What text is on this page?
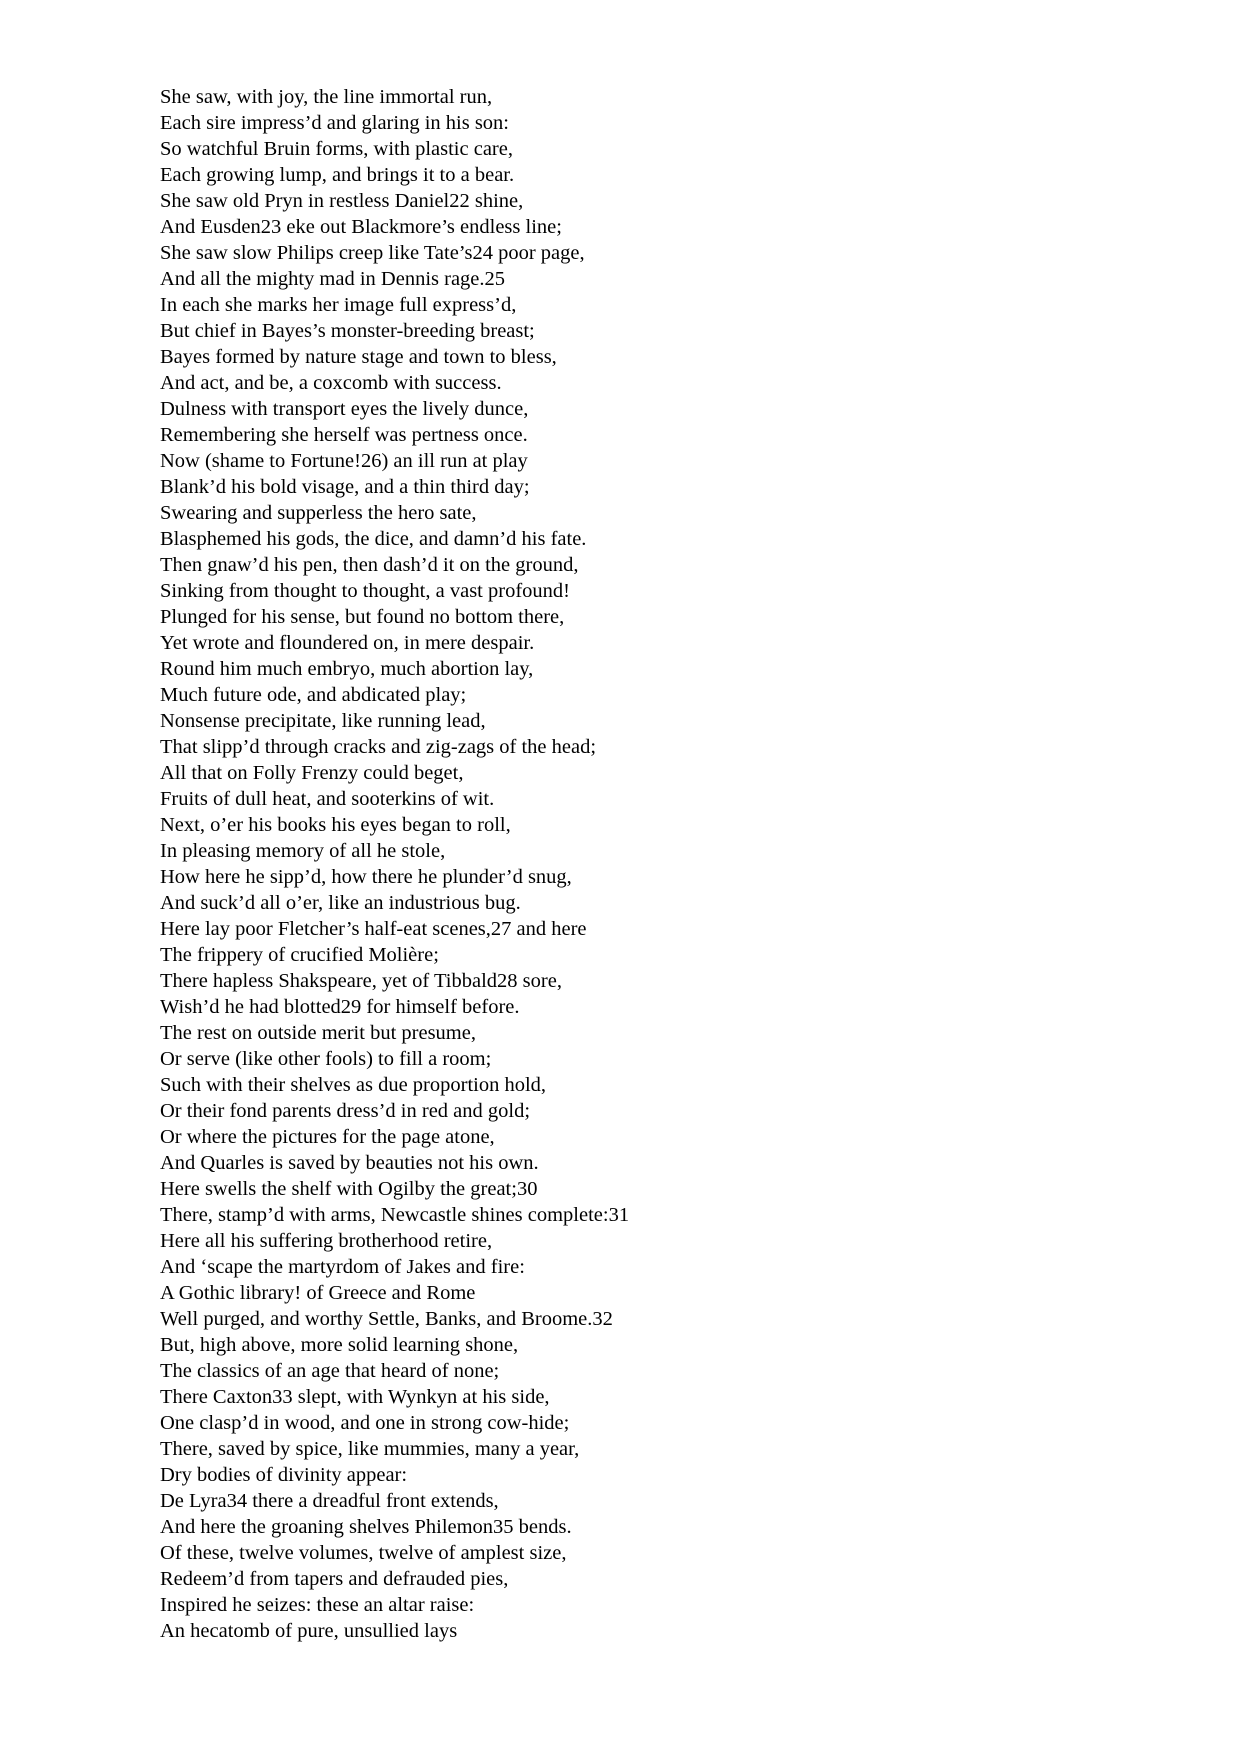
She saw, with joy, the line immortal run,
Each sire impress’d and glaring in his son:
So watchful Bruin forms, with plastic care,
Each growing lump, and brings it to a bear.
She saw old Pryn in restless Daniel22 shine,
And Eusden23 eke out Blackmore’s endless line;
She saw slow Philips creep like Tate’s24 poor page,
And all the mighty mad in Dennis rage.25
In each she marks her image full express’d,
But chief in Bayes’s monster-breeding breast;
Bayes formed by nature stage and town to bless,
And act, and be, a coxcomb with success.
Dulness with transport eyes the lively dunce,
Remembering she herself was pertness once.
Now (shame to Fortune!26) an ill run at play
Blank’d his bold visage, and a thin third day;
Swearing and supperless the hero sate,
Blasphemed his gods, the dice, and damn’d his fate.
Then gnaw’d his pen, then dash’d it on the ground,
Sinking from thought to thought, a vast profound!
Plunged for his sense, but found no bottom there,
Yet wrote and floundered on, in mere despair.
Round him much embryo, much abortion lay,
Much future ode, and abdicated play;
Nonsense precipitate, like running lead,
That slipp’d through cracks and zig-zags of the head;
All that on Folly Frenzy could beget,
Fruits of dull heat, and sooterkins of wit.
Next, o’er his books his eyes began to roll,
In pleasing memory of all he stole,
How here he sipp’d, how there he plunder’d snug,
And suck’d all o’er, like an industrious bug.
Here lay poor Fletcher’s half-eat scenes,27 and here
The frippery of crucified Molière;
There hapless Shakspeare, yet of Tibbald28 sore,
Wish’d he had blotted29 for himself before.
The rest on outside merit but presume,
Or serve (like other fools) to fill a room;
Such with their shelves as due proportion hold,
Or their fond parents dress’d in red and gold;
Or where the pictures for the page atone,
And Quarles is saved by beauties not his own.
Here swells the shelf with Ogilby the great;30
There, stamp’d with arms, Newcastle shines complete:31
Here all his suffering brotherhood retire,
And ‘scape the martyrdom of Jakes and fire:
A Gothic library! of Greece and Rome
Well purged, and worthy Settle, Banks, and Broome.32
But, high above, more solid learning shone,
The classics of an age that heard of none;
There Caxton33 slept, with Wynkyn at his side,
One clasp’d in wood, and one in strong cow-hide;
There, saved by spice, like mummies, many a year,
Dry bodies of divinity appear:
De Lyra34 there a dreadful front extends,
And here the groaning shelves Philemon35 bends.
Of these, twelve volumes, twelve of amplest size,
Redeem’d from tapers and defrauded pies,
Inspired he seizes: these an altar raise:
An hecatomb of pure, unsullied lays
